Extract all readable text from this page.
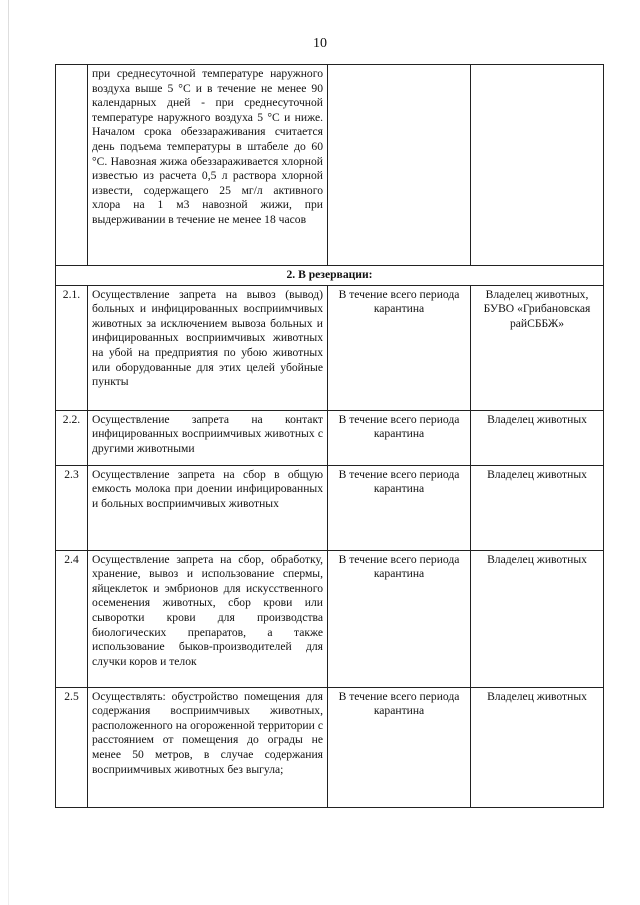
10
	при среднесуточной температуре наружного воздуха выше 5 °С и в течение не менее 90 календарных дней - при среднесуточной температуре наружного воздуха 5 °С и ниже. Началом срока обеззараживания считается день подъема температуры в штабеле до 60 °С. Навозная жижа обеззараживается хлорной известью из расчета 0,5 л раствора хлорной извести, содержащего 25 мг/л активного хлора на 1 м3 навозной жижи, при выдерживании в течение не менее 18 часов		
2. В резервации:			
2.1.	Осуществление запрета на вывоз (вывод) больных и инфицированных восприимчивых животных за исключением вывоза больных и инфицированных восприимчивых животных на убой на предприятия по убою животных или оборудованные для этих целей убойные пункты	В течение всего периода карантина	Владелец животных, БУВО «Грибановская райСББЖ»
2.2.	Осуществление запрета на контакт инфицированных восприимчивых животных с другими животными	В течение всего периода карантина	Владелец животных
2.3	Осуществление запрета на сбор в общую емкость молока при доении инфицированных и больных восприимчивых животных	В течение всего периода карантина	Владелец животных
2.4	Осуществление запрета на сбор, обработку, хранение, вывоз и использование спермы, яйцеклеток и эмбрионов для искусственного осеменения животных, сбор крови или сыворотки крови для производства биологических препаратов, а также использование быков-производителей для случки коров и телок	В течение всего периода карантина	Владелец животных
2.5	Осуществлять: обустройство помещения для содержания восприимчивых животных, расположенного на огороженной территории с расстоянием от помещения до ограды не менее 50 метров, в случае содержания восприимчивых животных без выгула;	В течение всего периода карантина	Владелец животных
